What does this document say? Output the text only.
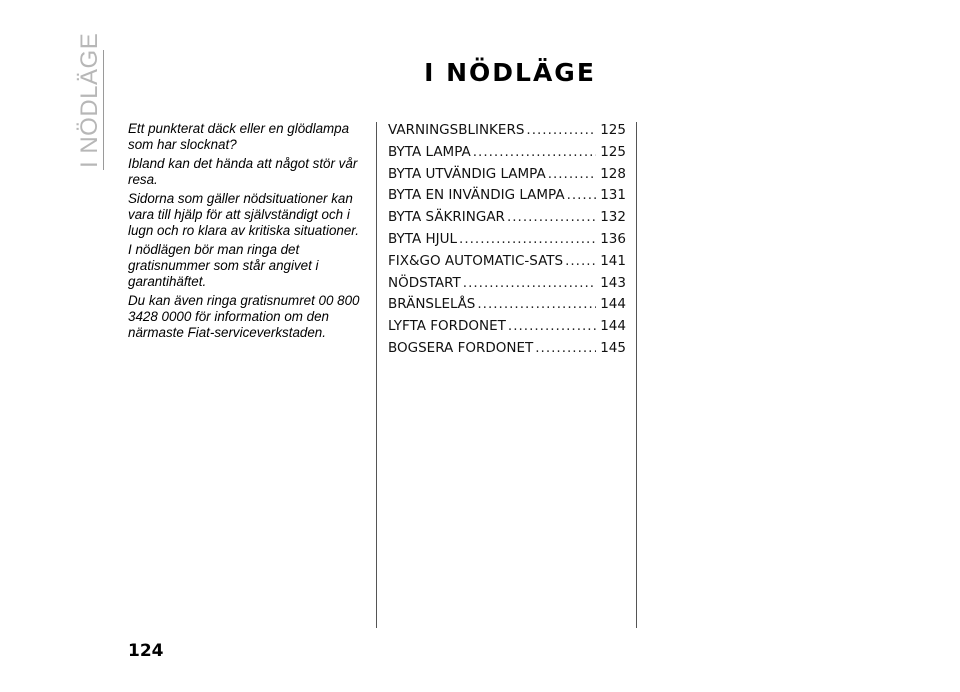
I NÖDLÄGE	I NÖDLÄGE

Ett punkterat däck eller en glödlampa som har slocknat?

Ibland kan det hända att något stör vår resa.

Sidorna som gäller nödsituationer kan vara till hjälp för att självständigt och i lugn och ro klara av kritiska situationer.

I nödlägen bör man ringa det gratisnummer som står angivet i garantihäftet.

Du kan även ringa gratisnumret 00 800 3428 0000 för information om den närmaste Fiat-serviceverkstaden.

VARNINGSBLINKERS .....	125
BYTA LAMPA .....	125
BYTA UTVÄNDIG LAMPA .....	128
BYTA EN INVÄNDIG LAMPA .....	131
BYTA SÄKRINGAR .....	132
BYTA HJUL .....	136
FIX&GO AUTOMATIC-SATS .....	141
NÖDSTART .....	143
BRÄNSLELÅS .....	144
LYFTA FORDONET .....	144
BOGSERA FORDONET .....	145
124
